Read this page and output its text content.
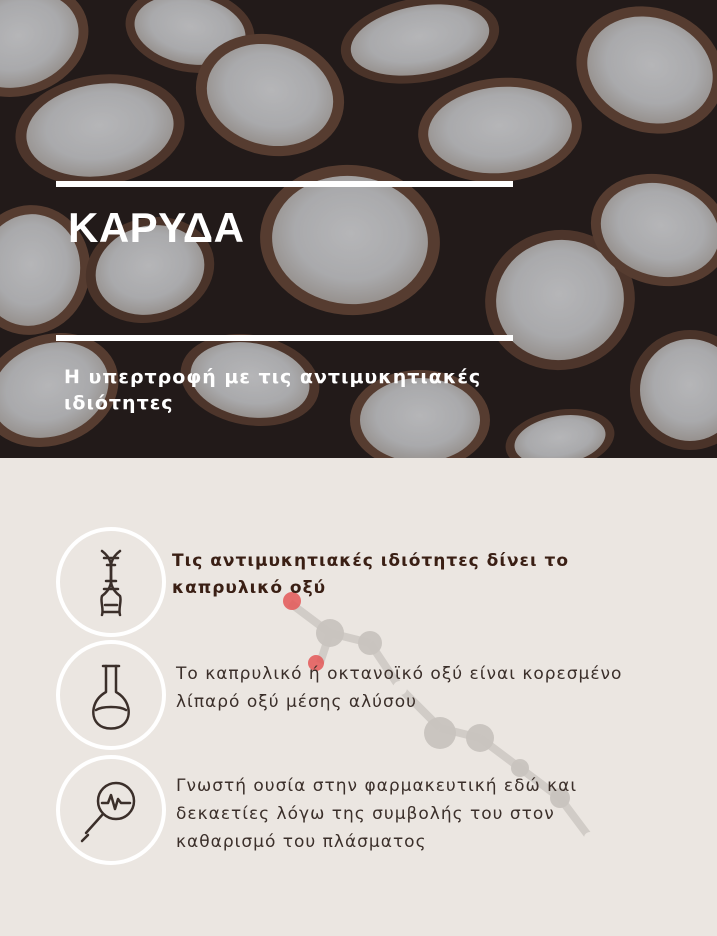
ΚΑΡΥΔΑ

Η υπερτροφή με τις αντιμυκητιακές ιδιότητες

Τις αντιμυκητιακές ιδιότητες δίνει το καπρυλικό οξύ

Το καπρυλικό ή οκτανοϊκό οξύ είναι κορεσμένο λίπαρό οξύ μέσης αλύσου

Γνωστή ουσία στην φαρμακευτική εδώ και δεκαετίες λόγω της συμβολής του στον καθαρισμό του πλάσματος
